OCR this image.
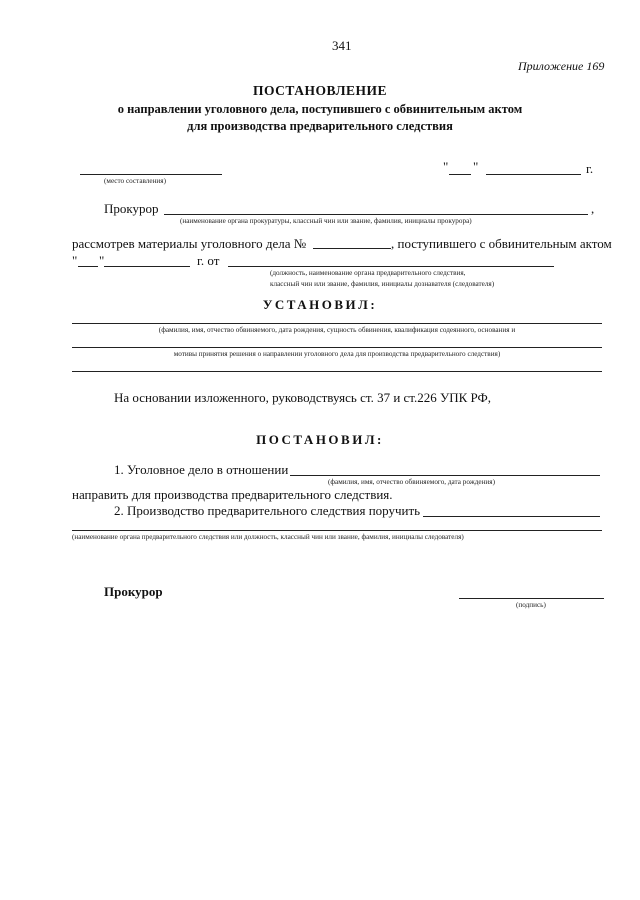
341
Приложение 169
ПОСТАНОВЛЕНИЕ
о направлении уголовного дела, поступившего с обвинительным актом
для производства предварительного следствия
(место составления)
" "	г.
Прокурор	,
(наименование органа прокуратуры, классный чин или звание, фамилия, инициалы прокурора)
рассмотрев материалы уголовного дела №	, поступившего с обвинительным актом
" "	г. от
(должность, наименование органа предварительного следствия,
классный чин или звание, фамилия, инициалы дознавателя (следователя)
УСТАНОВИЛ:
(фамилия, имя, отчество обвиняемого, дата рождения, сущность обвинения, квалификация содеянного, основания и
мотивы принятия решения о направлении уголовного дела для производства предварительного следствия)
На основании изложенного, руководствуясь ст. 37 и ст.226 УПК РФ,
ПОСТАНОВИЛ:
1. Уголовное дело в отношении
(фамилия, имя, отчество обвиняемого, дата рождения)
направить для производства предварительного следствия.
2. Производство предварительного следствия поручить
(наименование органа предварительного следствия или должность, классный чин или звание, фамилия, инициалы следователя)
Прокурор
(подпись)
